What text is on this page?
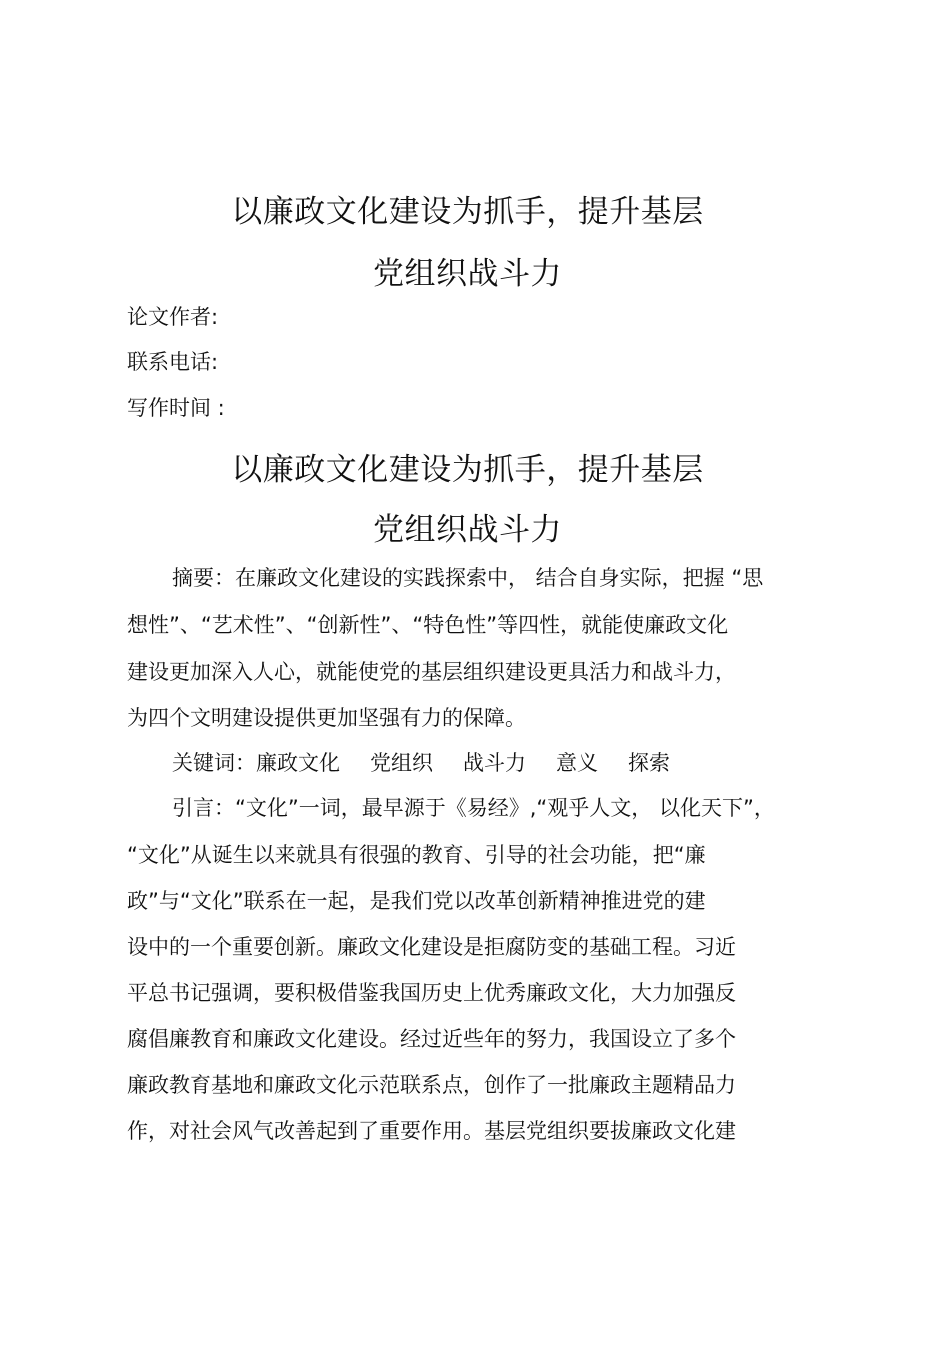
以廉政文化建设为抓手，提升基层
党组织战斗力
论文作者:
联系电话:
写作时间 :
以廉政文化建设为抓手，提升基层
党组织战斗力
摘要：在廉政文化建设的实践探索中， 结合自身实际，把握 “思
想性”、“艺术性”、“创新性”、“特色性”等四性，就能使廉政文化
建设更加深入人心，就能使党的基层组织建设更具活力和战斗力，
为四个文明建设提供更加坚强有力的保障。
关键词： 廉政文化 党组织 战斗力 意义 探索
引言：“文化”一词，最早源于《易经》,“观乎人文， 以化天下”，
“文化”从诞生以来就具有很强的教育、引导的社会功能，把“廉
政”与“文化”联系在一起，是我们党以改革创新精神推进党的建
设中的一个重要创新。廉政文化建设是拒腐防变的基础工程。习近
平总书记强调，要积极借鉴我国历史上优秀廉政文化，大力加强反
腐倡廉教育和廉政文化建设。经过近些年的努力，我国设立了多个
廉政教育基地和廉政文化示范联系点，创作了一批廉政主题精品力
作，对社会风气改善起到了重要作用。基层党组织要拔廉政文化建
